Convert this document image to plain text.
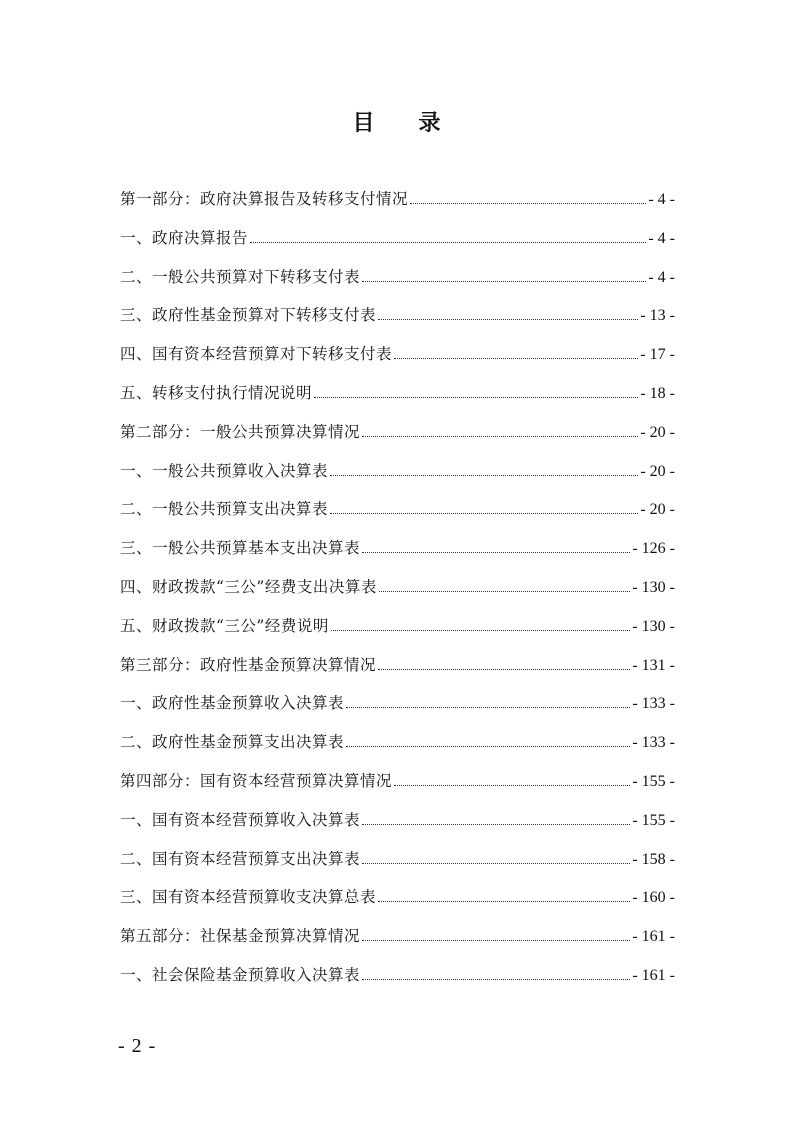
目录
第一部分：政府决算报告及转移支付情况	- 4 -
一、政府决算报告	- 4 -
二、一般公共预算对下转移支付表	- 4 -
三、政府性基金预算对下转移支付表	- 13 -
四、国有资本经营预算对下转移支付表	- 17 -
五、转移支付执行情况说明	- 18 -
第二部分：一般公共预算决算情况	- 20 -
一、一般公共预算收入决算表	- 20 -
二、一般公共预算支出决算表	- 20 -
三、一般公共预算基本支出决算表	- 126 -
四、财政拨款“三公”经费支出决算表	- 130 -
五、财政拨款“三公”经费说明	- 130 -
第三部分：政府性基金预算决算情况	- 131 -
一、政府性基金预算收入决算表	- 133 -
二、政府性基金预算支出决算表	- 133 -
第四部分：国有资本经营预算决算情况	- 155 -
一、国有资本经营预算收入决算表	- 155 -
二、国有资本经营预算支出决算表	- 158 -
三、国有资本经营预算收支决算总表	- 160 -
第五部分：社保基金预算决算情况	- 161 -
一、社会保险基金预算收入决算表	- 161 -
- 2 -
